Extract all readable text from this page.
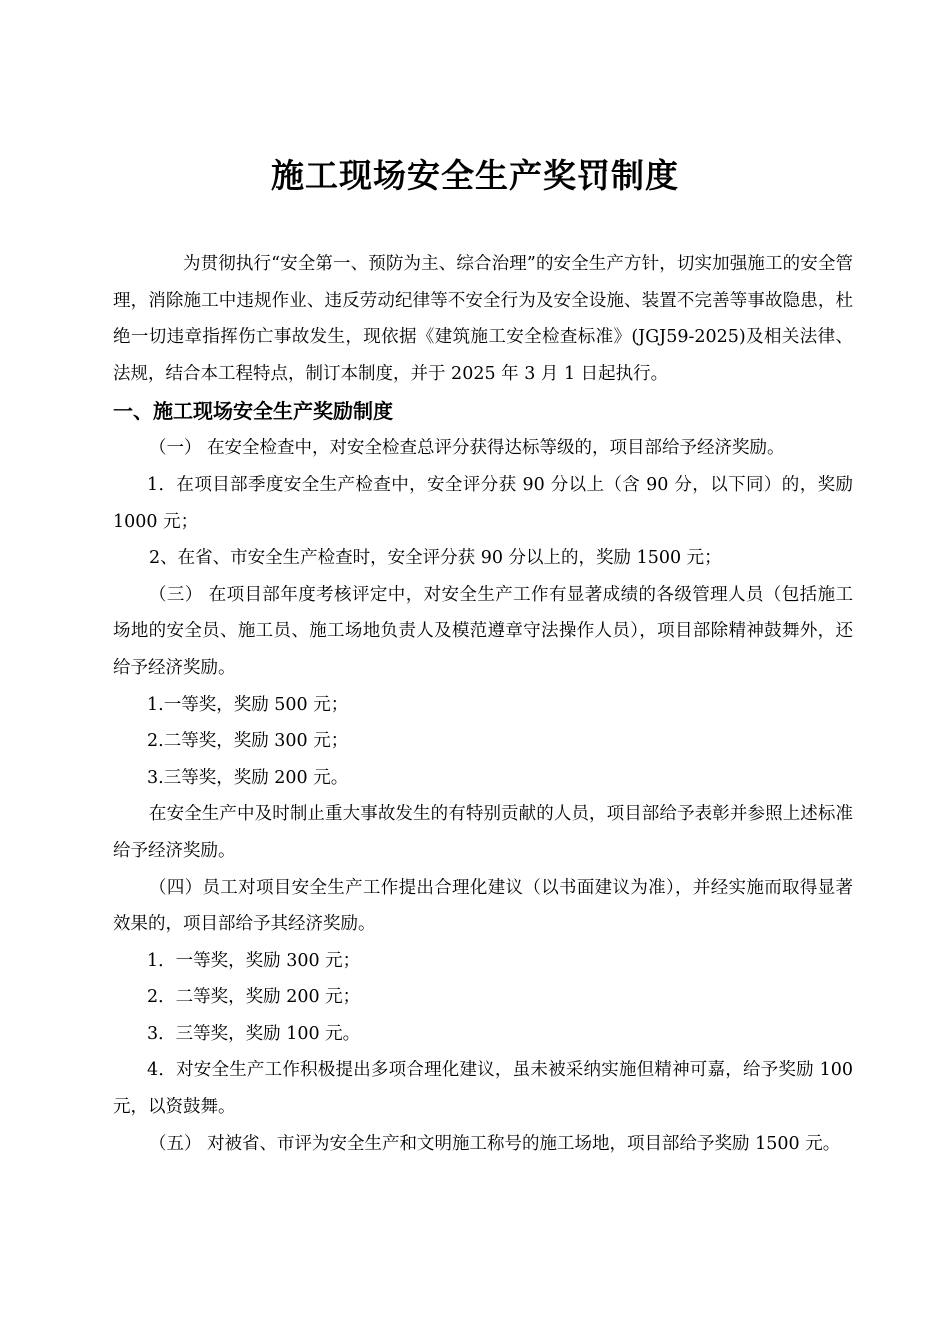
施工现场安全生产奖罚制度

为贯彻执行“安全第一、预防为主、综合治理”的安全生产方针，切实加强施工的安全管理，消除施工中违规作业、违反劳动纪律等不安全行为及安全设施、装置不完善等事故隐患，杜绝一切违章指挥伤亡事故发生，现依据《建筑施工安全检查标准》(JGJ59-2025)及相关法律、法规，结合本工程特点，制订本制度，并于 2025 年 3 月 1 日起执行。

一、施工现场安全生产奖励制度

（一） 在安全检查中，对安全检查总评分获得达标等级的，项目部给予经济奖励。

1．在项目部季度安全生产检查中，安全评分获 90 分以上（含 90 分，以下同）的，奖励 1000 元；

2、在省、市安全生产检查时，安全评分获 90 分以上的，奖励 1500 元；

（三） 在项目部年度考核评定中，对安全生产工作有显著成绩的各级管理人员（包括施工场地的安全员、施工员、施工场地负责人及模范遵章守法操作人员），项目部除精神鼓舞外，还给予经济奖励。

1.一等奖，奖励 500 元；

2.二等奖，奖励 300 元；

3.三等奖，奖励 200 元。

在安全生产中及时制止重大事故发生的有特别贡献的人员，项目部给予表彰并参照上述标准给予经济奖励。

（四）员工对项目安全生产工作提出合理化建议（以书面建议为准），并经实施而取得显著效果的，项目部给予其经济奖励。

1．一等奖，奖励 300 元；

2．二等奖，奖励 200 元；

3．三等奖，奖励 100 元。

4．对安全生产工作积极提出多项合理化建议，虽未被采纳实施但精神可嘉，给予奖励 100 元，以资鼓舞。

（五） 对被省、市评为安全生产和文明施工称号的施工场地，项目部给予奖励 1500 元。
